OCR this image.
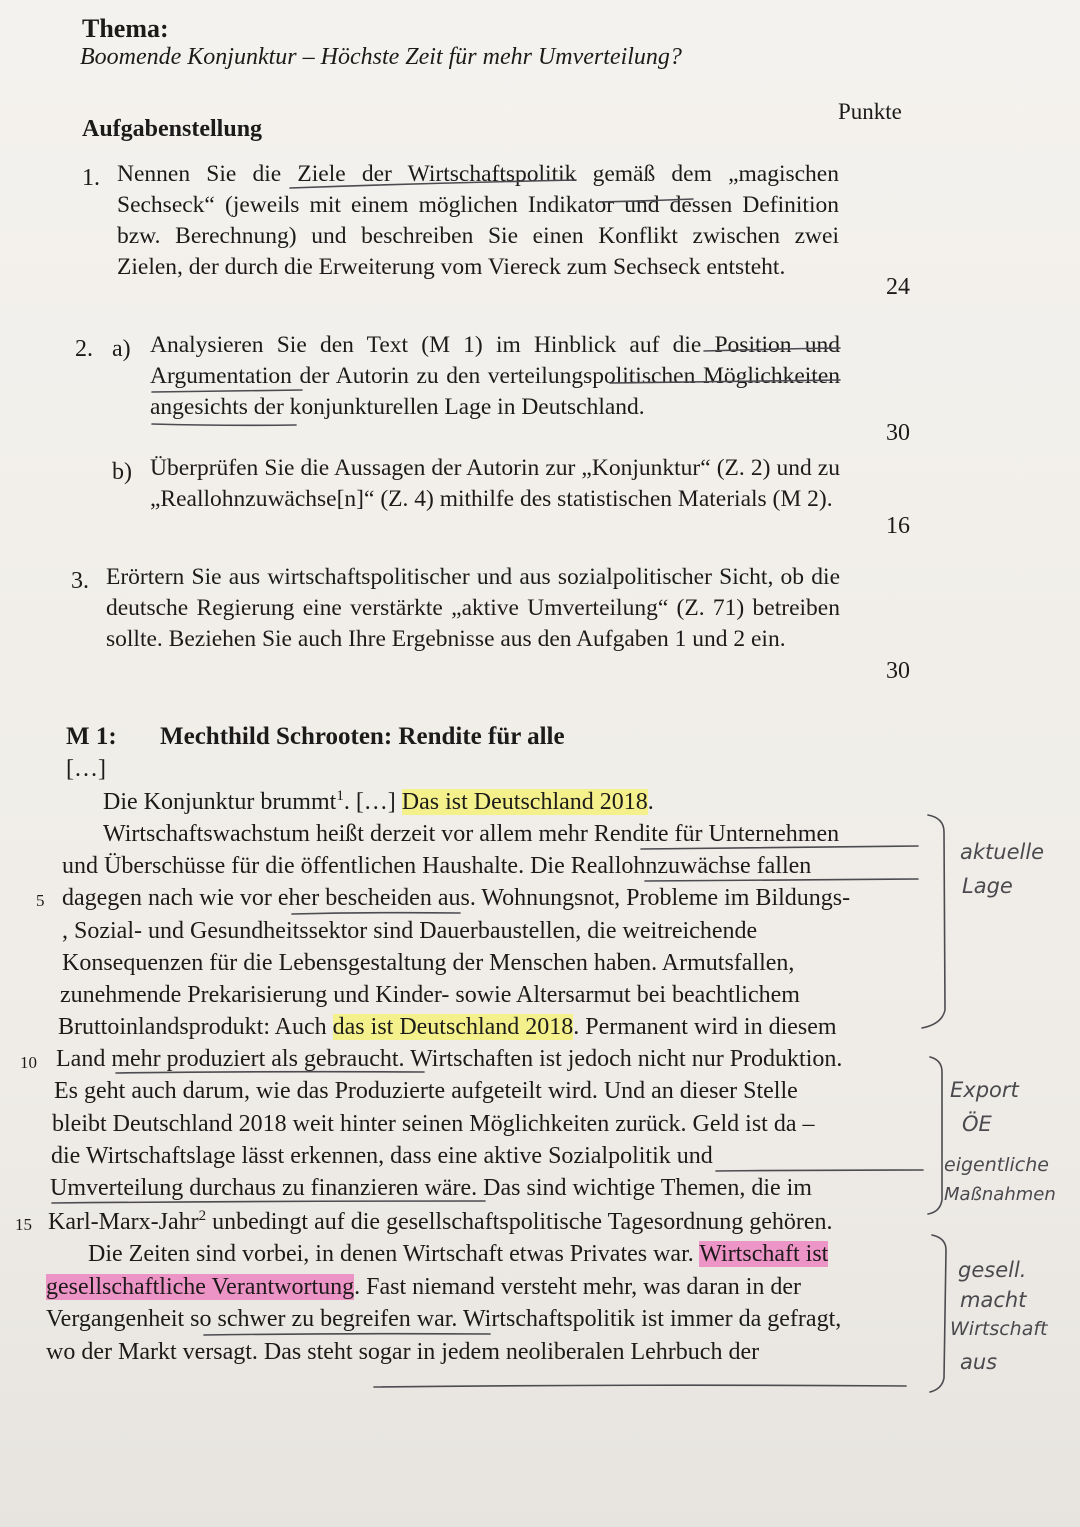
Thema:
Boomende Konjunktur – Höchste Zeit für mehr Umverteilung?
Punkte
Aufgabenstellung
1. Nennen Sie die Ziele der Wirtschaftspolitik gemäß dem „magischen Sechseck“ (jeweils mit einem möglichen Indikator und dessen Definition bzw. Berechnung) und beschreiben Sie einen Konflikt zwischen zwei Zielen, der durch die Erweiterung vom Viereck zum Sechseck entsteht.
24
2. a) Analysieren Sie den Text (M 1) im Hinblick auf die Position und Argumentation der Autorin zu den verteilungspolitischen Möglichkeiten angesichts der konjunkturellen Lage in Deutschland.
30
b) Überprüfen Sie die Aussagen der Autorin zur „Konjunktur“ (Z. 2) und zu „Reallohnzuwächse[n]“ (Z. 4) mithilfe des statistischen Materials (M 2).
16
3. Erörtern Sie aus wirtschaftspolitischer und aus sozialpolitischer Sicht, ob die deutsche Regierung eine verstärkte „aktive Umverteilung“ (Z. 71) betreiben sollte. Beziehen Sie auch Ihre Ergebnisse aus den Aufgaben 1 und 2 ein.
30
M 1: Mechthild Schrooten: Rendite für alle
[…]
Die Konjunktur brummt$^1$. […] Das ist Deutschland 2018.
Wirtschaftswachstum heißt derzeit vor allem mehr Rendite für Unternehmen
und Überschüsse für die öffentlichen Haushalte. Die Reallohnzuwächse fallen
dagegen nach wie vor eher bescheiden aus. Wohnungsnot, Probleme im Bildungs-
, Sozial- und Gesundheitssektor sind Dauerbaustellen, die weitreichende
Konsequenzen für die Lebensgestaltung der Menschen haben. Armutsfallen,
zunehmende Prekarisierung und Kinder- sowie Altersarmut bei beachtlichem
Bruttoinlandsprodukt: Auch das ist Deutschland 2018. Permanent wird in diesem
Land mehr produziert als gebraucht. Wirtschaften ist jedoch nicht nur Produktion.
Es geht auch darum, wie das Produzierte aufgeteilt wird. Und an dieser Stelle
bleibt Deutschland 2018 weit hinter seinen Möglichkeiten zurück. Geld ist da –
die Wirtschaftslage lässt erkennen, dass eine aktive Sozialpolitik und
Umverteilung durchaus zu finanzieren wäre. Das sind wichtige Themen, die im
Karl-Marx-Jahr$^2$ unbedingt auf die gesellschaftspolitische Tagesordnung gehören.
Die Zeiten sind vorbei, in denen Wirtschaft etwas Privates war. Wirtschaft ist
gesellschaftliche Verantwortung. Fast niemand versteht mehr, was daran in der
Vergangenheit so schwer zu begreifen war. Wirtschaftspolitik ist immer da gefragt,
wo der Markt versagt. Das steht sogar in jedem neoliberalen Lehrbuch der
5
10
15
aktuelle
Lage
Export
ÖE
eigentliche
Maßnahmen
gesell.
macht
Wirtschaft
aus
